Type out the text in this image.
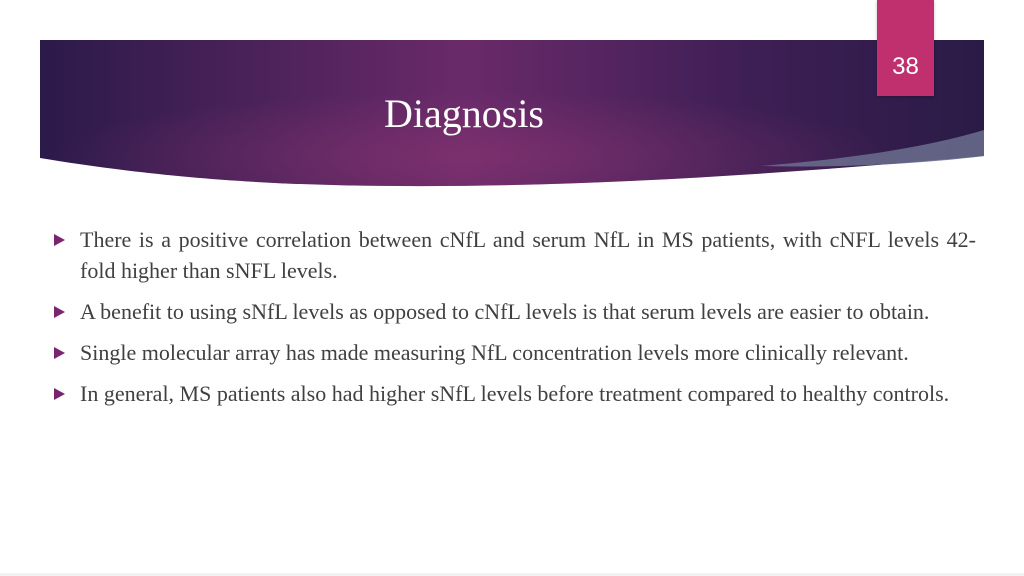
Diagnosis
38
There is a positive correlation between cNfL and serum NfL in MS patients, with cNFL levels 42-fold higher than sNFL levels.
A benefit to using sNfL levels as opposed to cNfL levels is that serum levels are easier to obtain.
Single molecular array has made measuring NfL concentration levels more clinically relevant.
In general, MS patients also had higher sNfL levels before treatment compared to healthy controls.
